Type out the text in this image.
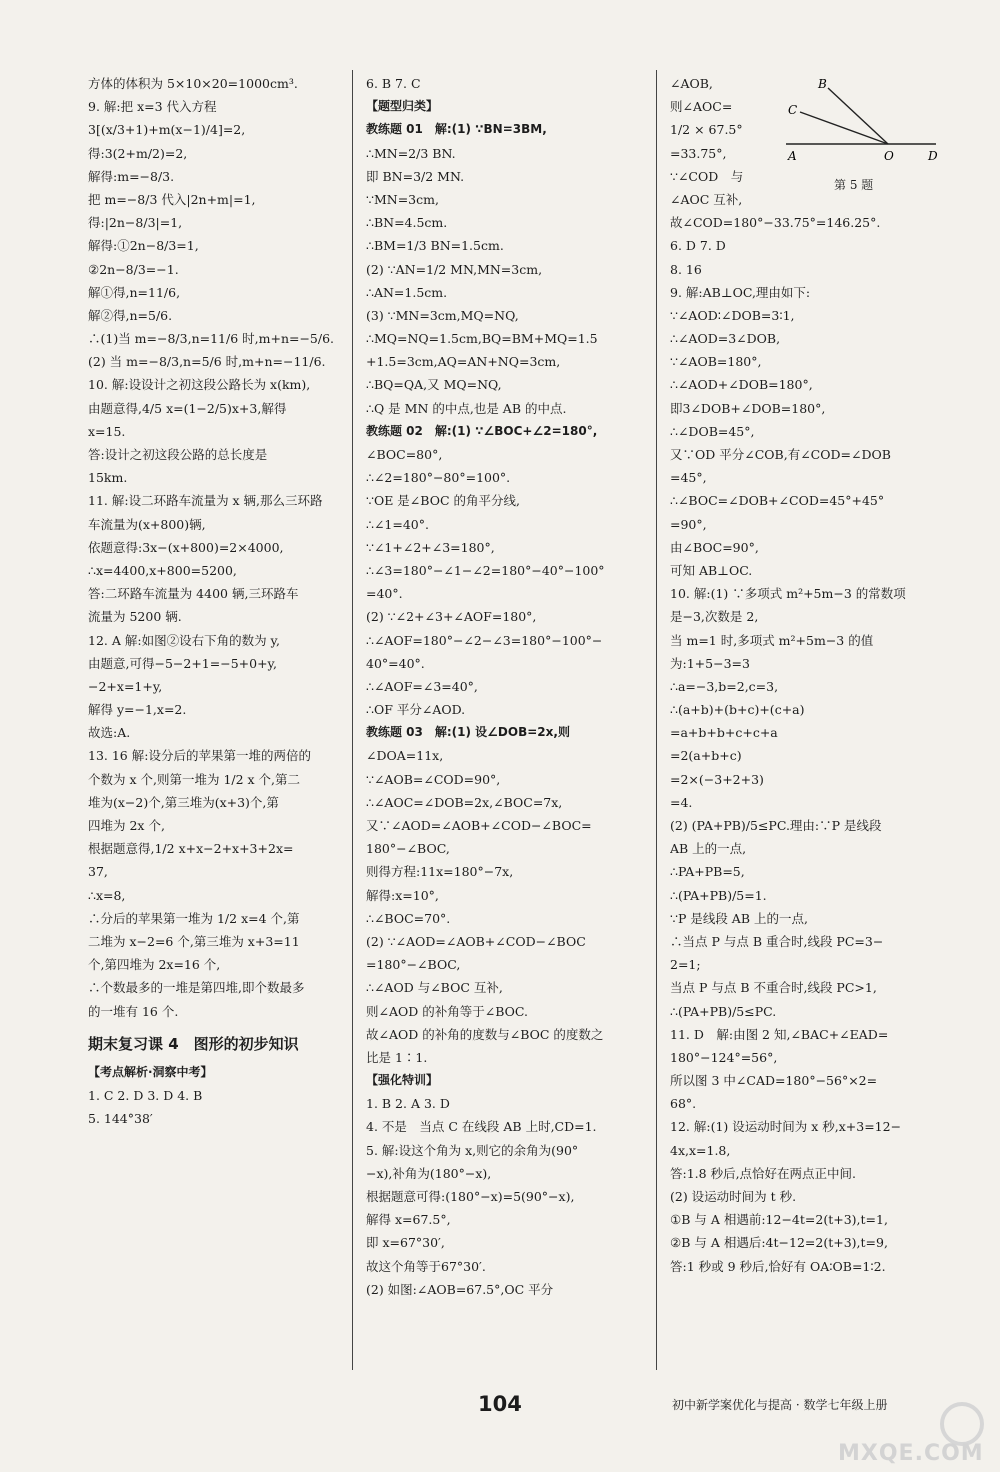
方体的体积为 5×10×20=1000cm³.
9. 解:把 x=3 代入方程
3[(x/3+1)+m(x−1)/4]=2,
得:3(2+m/2)=2,
解得:m=−8/3.
把 m=−8/3 代入|2n+m|=1,
得:|2n−8/3|=1,
解得:①2n−8/3=1,
②2n−8/3=−1.
解①得,n=11/6,
解②得,n=5/6.
∴(1)当 m=−8/3,n=11/6 时,m+n=−5/6.
(2) 当 m=−8/3,n=5/6 时,m+n=−11/6.
10. 解:设设计之初这段公路长为 x(km),
由题意得,4/5 x=(1−2/5)x+3,解得
x=15.
答:设计之初这段公路的总长度是
15km.
11. 解:设二环路车流量为 x 辆,那么三环路
车流量为(x+800)辆,
依题意得:3x−(x+800)=2×4000,
∴x=4400,x+800=5200,
答:二环路车流量为 4400 辆,三环路车
流量为 5200 辆.
12. A 解:如图②设右下角的数为 y,
由题意,可得−5−2+1=−5+0+y,
−2+x=1+y,
解得 y=−1,x=2.
故选:A.
13. 16 解:设分后的苹果第一堆的两倍的
个数为 x 个,则第一堆为 1/2 x 个,第二
堆为(x−2)个,第三堆为(x+3)个,第
四堆为 2x 个,
根据题意得,1/2 x+x−2+x+3+2x=
37,
∴x=8,
∴分后的苹果第一堆为 1/2 x=4 个,第
二堆为 x−2=6 个,第三堆为 x+3=11
个,第四堆为 2x=16 个,
∴个数最多的一堆是第四堆,即个数最多
的一堆有 16 个.
期末复习课 4　图形的初步知识
【考点解析·洞察中考】
1. C 2. D 3. D 4. B
5. 144°38′
6. B 7. C
【题型归类】
教练题 01　解:(1) ∵BN=3BM,
∴MN=2/3 BN.
即 BN=3/2 MN.
∵MN=3cm,
∴BN=4.5cm.
∴BM=1/3 BN=1.5cm.
(2) ∵AN=1/2 MN,MN=3cm,
∴AN=1.5cm.
(3) ∵MN=3cm,MQ=NQ,
∴MQ=NQ=1.5cm,BQ=BM+MQ=1.5
+1.5=3cm,AQ=AN+NQ=3cm,
∴BQ=QA,又 MQ=NQ,
∴Q 是 MN 的中点,也是 AB 的中点.
教练题 02　解:(1) ∵∠BOC+∠2=180°,
∠BOC=80°,
∴∠2=180°−80°=100°.
∵OE 是∠BOC 的角平分线,
∴∠1=40°.
∵∠1+∠2+∠3=180°,
∴∠3=180°−∠1−∠2=180°−40°−100°
=40°.
(2) ∵∠2+∠3+∠AOF=180°,
∴∠AOF=180°−∠2−∠3=180°−100°−
40°=40°.
∴∠AOF=∠3=40°,
∴OF 平分∠AOD.
教练题 03　解:(1) 设∠DOB=2x,则
∠DOA=11x,
∵∠AOB=∠COD=90°,
∴∠AOC=∠DOB=2x,∠BOC=7x,
又∵∠AOD=∠AOB+∠COD−∠BOC=
180°−∠BOC,
则得方程:11x=180°−7x,
解得:x=10°,
∴∠BOC=70°.
(2) ∵∠AOD=∠AOB+∠COD−∠BOC
=180°−∠BOC,
∴∠AOD 与∠BOC 互补,
则∠AOD 的补角等于∠BOC.
故∠AOD 的补角的度数与∠BOC 的度数之
比是 1∶1.
【强化特训】
1. B 2. A 3. D
4. 不是　当点 C 在线段 AB 上时,CD=1.
5. 解:设这个角为 x,则它的余角为(90°
−x),补角为(180°−x),
根据题意可得:(180°−x)=5(90°−x),
解得 x=67.5°,
即 x=67°30′,
故这个角等于67°30′.
(2) 如图:∠AOB=67.5°,OC 平分
∠AOB,
则∠AOC=
1/2 × 67.5°
=33.75°,
∵∠COD　与
∠AOC 互补,
故∠COD=180°−33.75°=146.25°.
6. D 7. D
8. 16
9. 解:AB⊥OC,理由如下:
∵∠AOD∶∠DOB=3∶1,
∴∠AOD=3∠DOB,
∵∠AOB=180°,
∴∠AOD+∠DOB=180°,
即3∠DOB+∠DOB=180°,
∴∠DOB=45°,
又∵OD 平分∠COB,有∠COD=∠DOB
=45°,
∴∠BOC=∠DOB+∠COD=45°+45°
=90°,
由∠BOC=90°,
可知 AB⊥OC.
10. 解:(1) ∵多项式 m²+5m−3 的常数项
是−3,次数是 2,
当 m=1 时,多项式 m²+5m−3 的值
为:1+5−3=3
∴a=−3,b=2,c=3,
∴(a+b)+(b+c)+(c+a)
=a+b+b+c+c+a
=2(a+b+c)
=2×(−3+2+3)
=4.
(2) (PA+PB)/5≤PC.理由:∵P 是线段
AB 上的一点,
∴PA+PB=5,
∴(PA+PB)/5=1.
∵P 是线段 AB 上的一点,
∴当点 P 与点 B 重合时,线段 PC=3−
2=1;
当点 P 与点 B 不重合时,线段 PC>1,
∴(PA+PB)/5≤PC.
11. D　解:由图 2 知,∠BAC+∠EAD=
180°−124°=56°,
所以图 3 中∠CAD=180°−56°×2=
68°.
12. 解:(1) 设运动时间为 x 秒,x+3=12−
4x,x=1.8,
答:1.8 秒后,点恰好在两点正中间.
(2) 设运动时间为 t 秒.
①B 与 A 相遇前:12−4t=2(t+3),t=1,
②B 与 A 相遇后:4t−12=2(t+3),t=9,
答:1 秒或 9 秒后,恰好有 OA∶OB=1∶2.
A
B
C
O	D
第 5 题
104	初中新学案优化与提高 · 数学七年级上册
MXQE.COM
